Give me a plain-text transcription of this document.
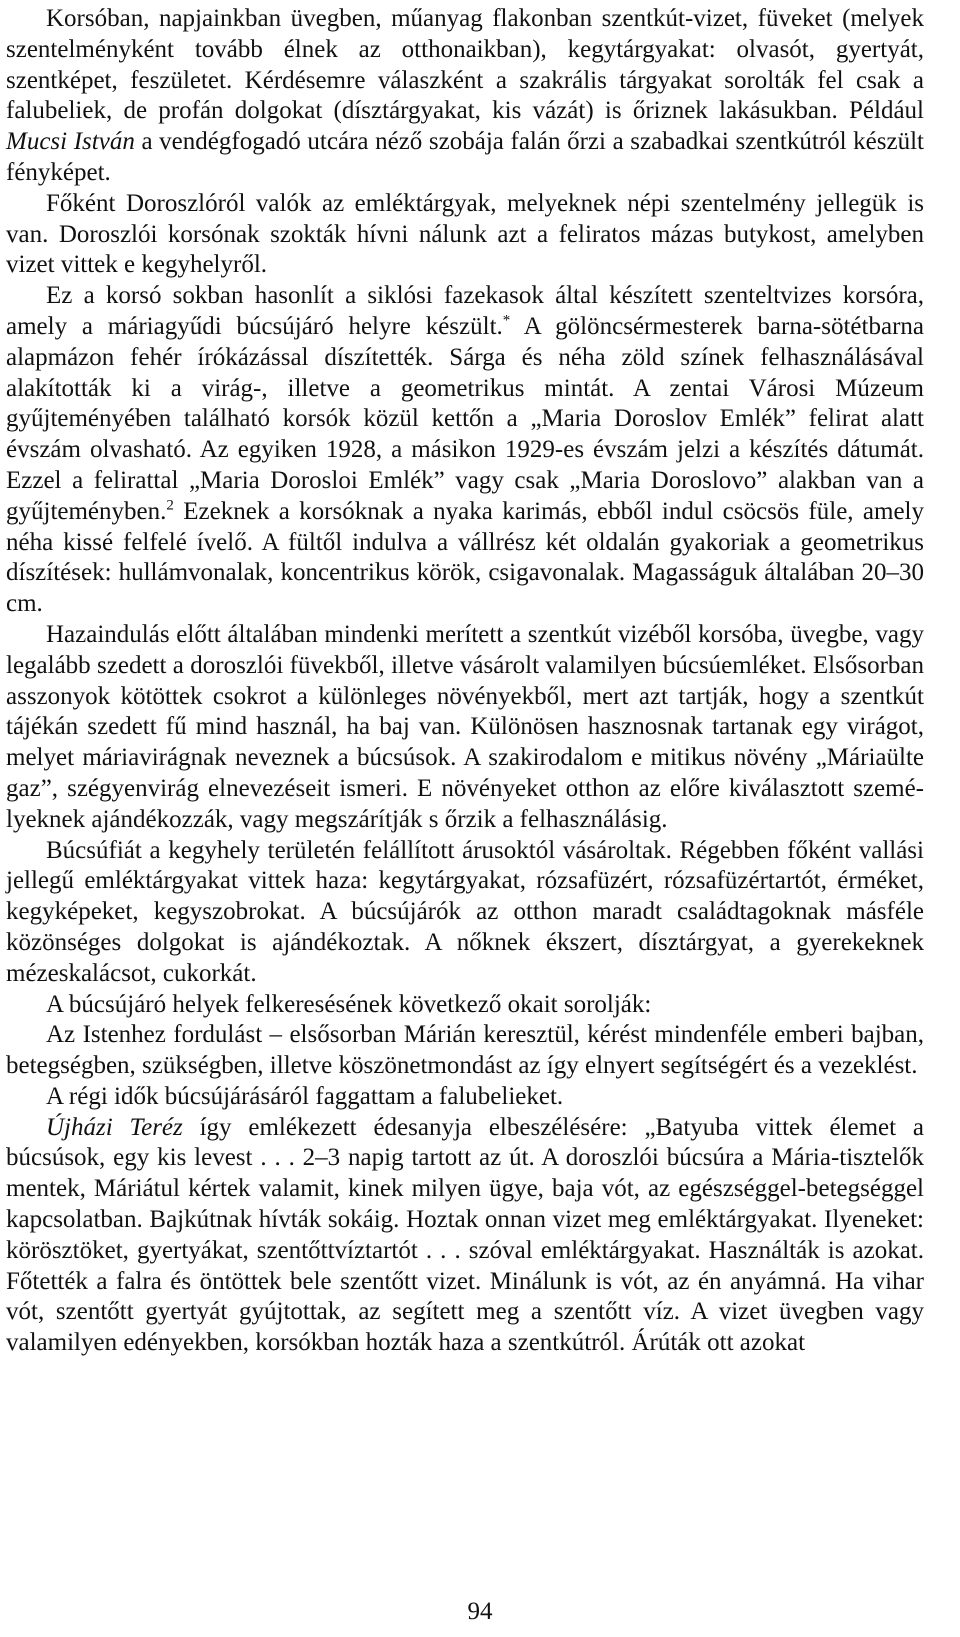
Korsóban, napjainkban üvegben, műanyag flakonban szentkút-vizet, füveket (melyek szentelményként tovább élnek az otthonaikban), kegytárgyakat: olvasót, gyertyát, szentképet, feszületet. Kérdésemre válaszként a szakrális tárgyakat sorolták fel csak a falubeliek, de profán dolgokat (dísztárgyakat, kis vázát) is őriznek lakásukban. Például Mucsi István a vendégfogadó utcára néző szobája falán őrzi a szabadkai szentkútról készült fényképet.

Főként Doroszlóról valók az emléktárgyak, melyeknek népi szentelmény jellegük is van. Doroszlói korsónak szokták hívni nálunk azt a feliratos mázas butykost, amelyben vizet vittek e kegyhelyről.

Ez a korsó sokban hasonlít a siklósi fazekasok által készített szenteltvizes korsóra, amely a máriagyűdi búcsújáró helyre készült.* A gölöncsérmesterek barna-sötétbarna alapmázon fehér írókázással díszítették. Sárga és néha zöld színek felhasználásával alakították ki a virág-, illetve a geometrikus mintát. A zentai Városi Múzeum gyűjteményében található korsók közül kettőn a „Maria Doroslov Emlék” felirat alatt évszám olvasható. Az egyiken 1928, a másikon 1929-es évszám jelzi a készítés dátumát. Ezzel a felirattal „Maria Dorosloi Emlék” vagy csak „Maria Doroslovo” alakban van a gyűjteményben.$^2$ Ezeknek a korsóknak a nyaka karimás, ebből indul csöcsös füle, amely néha kissé felfelé ívelő. A fültől indulva a vállrész két oldalán gyakoriak a geometrikus díszítések: hullámvonalak, koncentrikus körök, csigavonalak. Magasságuk általában 20–30 cm.

Hazaindulás előtt általában mindenki merített a szentkút vizéből korsóba, üvegbe, vagy legalább szedett a doroszlói füvekből, illetve vásárolt valamilyen búcsúemléket. Elsősorban asszonyok kötöttek csokrot a különleges növényekből, mert azt tartják, hogy a szentkút tájékán szedett fű mind használ, ha baj van. Különösen hasznosnak tartanak egy virágot, melyet máriavirágnak neveznek a búcsúsok. A szakirodalom e mitikus növény „Máriaülte gaz”, szégyenvirág elnevezéseit ismeri. E növényeket otthon az előre kiválasztott személyeknek ajándékozzák, vagy megszárítják s őrzik a felhasználásig.

Búcsúfiát a kegyhely területén felállított árusoktól vásároltak. Régebben főként vallási jellegű emléktárgyakat vittek haza: kegytárgyakat, rózsafüzért, rózsafüzértartót, érméket, kegyképeket, kegyszobrokat. A búcsújárók az otthon maradt családtagoknak másféle közönséges dolgokat is ajándékoztak. A nőknek ékszert, dísztárgyat, a gyerekeknek mézeskalácsot, cukorkát.

A búcsújáró helyek felkeresésének következő okait sorolják:

Az Istenhez fordulást – elsősorban Márián keresztül, kérést mindenféle emberi bajban, betegségben, szükségben, illetve köszönetmondást az így elnyert segítségért és a vezeklést.

A régi idők búcsújárásáról faggattam a falubelieket.

Újházi Teréz így emlékezett édesanyja elbeszélésére: „Batyuba vittek élemet a búcsúsok, egy kis levest . . . 2–3 napig tartott az út. A doroszlói búcsúra a Mária-tisztelők mentek, Máriátul kértek valamit, kinek milyen ügye, baja vót, az egészséggel-betegséggel kapcsolatban. Bajkútnak hívták sokáig. Hoztak onnan vizet meg emléktárgyakat. Ilyeneket: körösztöket, gyertyákat, szentőttvíztartót . . . szóval emléktárgyakat. Használták is azokat. Főtették a falra és öntöttek bele szentőtt vizet. Minálunk is vót, az én anyámná. Ha vihar vót, szentőtt gyertyát gyújtottak, az segített meg a szentőtt víz. A vizet üvegben vagy valamilyen edényekben, korsókban hozták haza a szentkútról. Árúták ott azokat

94
